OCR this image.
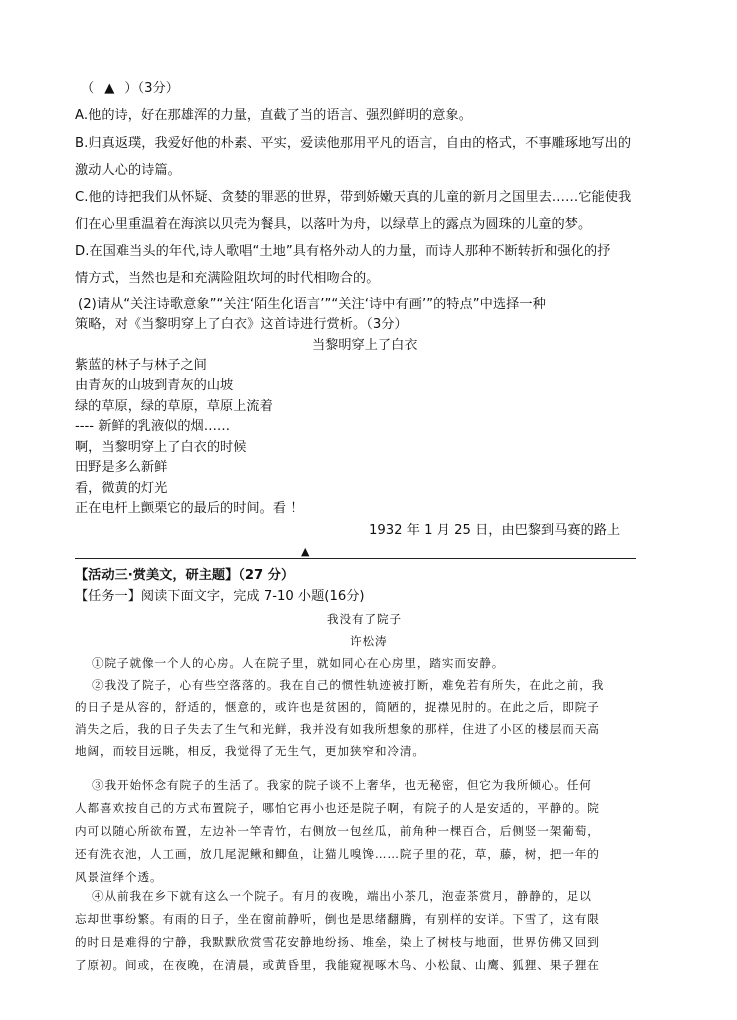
（ ▲ ）（3分）
A.他的诗，好在那雄浑的力量，直截了当的语言、强烈鲜明的意象。
B.归真返璞，我爱好他的朴素、平实，爱读他那用平凡的语言，自由的格式，不事雕琢地写出的
激动人心的诗篇。
C.他的诗把我们从怀疑、贪婪的罪恶的世界，带到娇嫩天真的儿童的新月之国里去……它能使我
们在心里重温着在海滨以贝壳为餐具，以落叶为舟，以绿草上的露点为圆珠的儿童的梦。
D.在国难当头的年代,诗人歌唱“土地”具有格外动人的力量，而诗人那种不断转折和强化的抒
情方式，当然也是和充满险阻坎坷的时代相吻合的。
(2)请从“关注诗歌意象”“关注‘陌生化语言’”“关注‘诗中有画’”的特点”中选择一种
策略，对《当黎明穿上了白衣》这首诗进行赏析。（3分）
当黎明穿上了白衣
紫蓝的林子与林子之间
由青灰的山坡到青灰的山坡
绿的草原，绿的草原，草原上流着
---- 新鲜的乳液似的烟……
啊，当黎明穿上了白衣的时候
田野是多么新鲜
看，微黄的灯光
正在电杆上颤栗它的最后的时间。看 ！
1932 年 1 月 25 日，由巴黎到马赛的路上
▲
【活动三·赏美文，研主题】（27 分）
【任务一】阅读下面文字，完成 7-10 小题(16分)
我没有了院子
许松涛
①院子就像一个人的心房。人在院子里，就如同心在心房里，踏实而安静。
②我没了院子，心有些空落落的。我在自己的惯性轨迹被打断，难免若有所失，在此之前，我
的日子是从容的，舒适的，惬意的，或许也是贫困的，简陋的，捉襟见肘的。在此之后，即院子
消失之后，我的日子失去了生气和光鲜，我并没有如我所想象的那样，住进了小区的楼层而天高
地阔，而较目远眺，相反，我觉得了无生气，更加狭窄和冷清。
③我开始怀念有院子的生活了。我家的院子谈不上奢华，也无秘密，但它为我所倾心。任何
人都喜欢按自己的方式布置院子，哪怕它再小也还是院子啊，有院子的人是安适的，平静的。院
内可以随心所欲布置，左边补一竿青竹，右侧放一包丝瓜，前角种一棵百合，后侧竖一架葡萄，
还有洗衣池，人工画，放几尾泥鳅和鲫鱼，让猫儿嗅馋……院子里的花，草，藤，树，把一年的
风景渲绎个透。
④从前我在乡下就有这么一个院子。有月的夜晚，端出小茶几，泡壶茶赏月，静静的，足以
忘却世事纷繁。有雨的日子，坐在窗前静听，倒也是思绪翻腾，有别样的安详。下雪了，这有限
的时日是难得的宁静，我默默欣赏雪花安静地纷扬、堆垒，染上了树枝与地面，世界仿佛又回到
了原初。间或，在夜晚，在清晨，或黄昏里，我能窥视啄木鸟、小松鼠、山鹰、狐狸、果子狸在
